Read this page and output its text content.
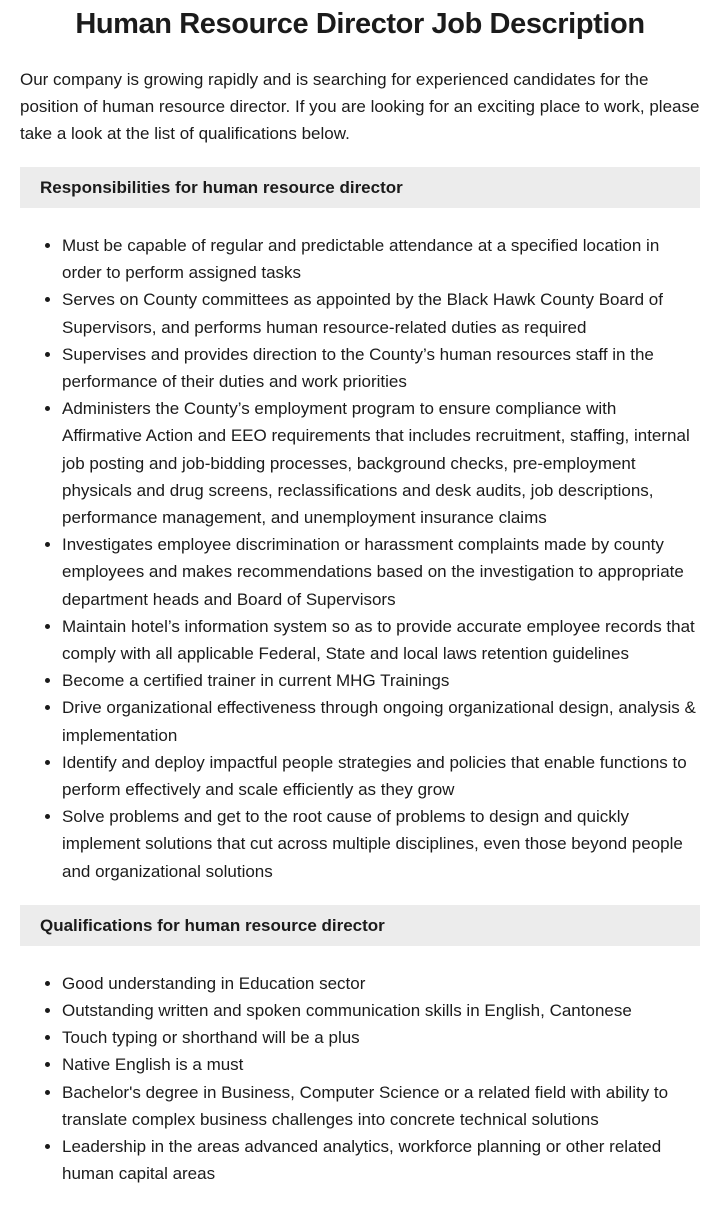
Human Resource Director Job Description

Our company is growing rapidly and is searching for experienced candidates for the position of human resource director. If you are looking for an exciting place to work, please take a look at the list of qualifications below.

Responsibilities for human resource director
Must be capable of regular and predictable attendance at a specified location in order to perform assigned tasks
Serves on County committees as appointed by the Black Hawk County Board of Supervisors, and performs human resource-related duties as required
Supervises and provides direction to the County’s human resources staff in the performance of their duties and work priorities
Administers the County’s employment program to ensure compliance with Affirmative Action and EEO requirements that includes recruitment, staffing, internal job posting and job-bidding processes, background checks, pre-employment physicals and drug screens, reclassifications and desk audits, job descriptions, performance management, and unemployment insurance claims
Investigates employee discrimination or harassment complaints made by county employees and makes recommendations based on the investigation to appropriate department heads and Board of Supervisors
Maintain hotel’s information system so as to provide accurate employee records that comply with all applicable Federal, State and local laws retention guidelines
Become a certified trainer in current MHG Trainings
Drive organizational effectiveness through ongoing organizational design, analysis & implementation
Identify and deploy impactful people strategies and policies that enable functions to perform effectively and scale efficiently as they grow
Solve problems and get to the root cause of problems to design and quickly implement solutions that cut across multiple disciplines, even those beyond people and organizational solutions
Qualifications for human resource director
Good understanding in Education sector
Outstanding written and spoken communication skills in English, Cantonese
Touch typing or shorthand will be a plus
Native English is a must
Bachelor's degree in Business, Computer Science or a related field with ability to translate complex business challenges into concrete technical solutions
Leadership in the areas advanced analytics, workforce planning or other related human capital areas
